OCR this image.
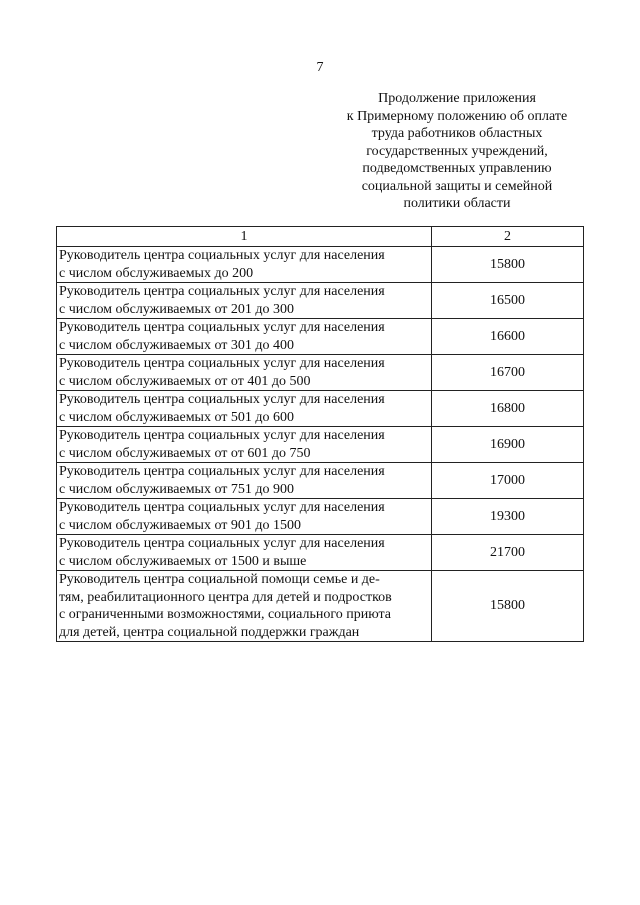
7
Продолжение приложения
к Примерному положению об оплате
труда работников областных
государственных учреждений,
подведомственных управлению
социальной защиты и семейной
политики области
1	2

Руководитель центра социальных услуг для населения
с числом обслуживаемых до 200	15800

Руководитель центра социальных услуг для населения
с числом обслуживаемых от 201 до 300	16500

Руководитель центра социальных услуг для населения
с числом обслуживаемых от 301 до 400	16600

Руководитель центра социальных услуг для населения
с числом обслуживаемых от от 401 до 500	16700

Руководитель центра социальных услуг для населения
с числом обслуживаемых от 501 до 600	16800

Руководитель центра социальных услуг для населения
с числом обслуживаемых от от 601 до 750	16900

Руководитель центра социальных услуг для населения
с числом обслуживаемых от 751 до 900	17000

Руководитель центра социальных услуг для населения
с числом обслуживаемых от 901 до 1500	19300

Руководитель центра социальных услуг для населения
с числом обслуживаемых от 1500 и выше	21700

Руководитель центра социальной помощи семье и де-
тям, реабилитационного центра для детей и подростков
с ограниченными возможностями, социального приюта
для детей, центра социальной поддержки граждан	15800
